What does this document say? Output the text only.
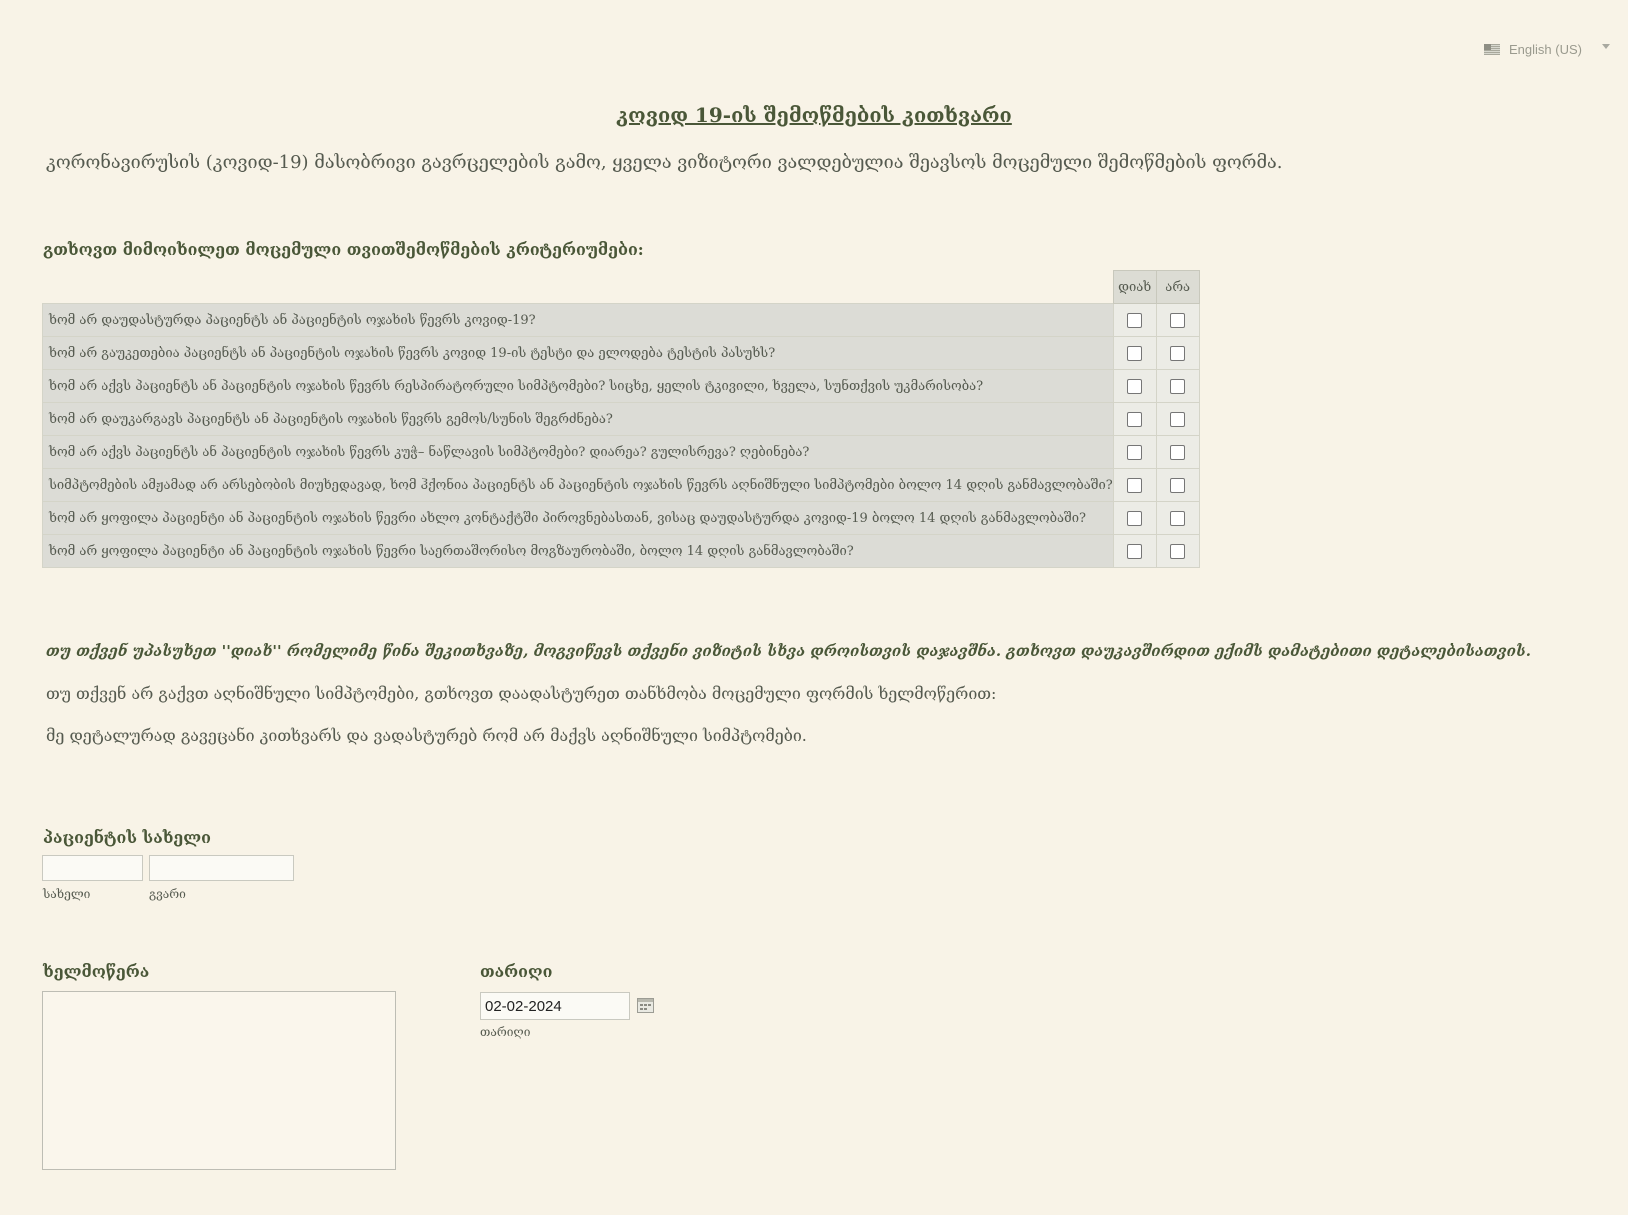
English (US)
კოვიდ 19-ის შემოწმების კითხვარი

კორონავირუსის (კოვიდ-19) მასობრივი გავრცელების გამო, ყველა ვიზიტორი ვალდებულია შეავსოს მოცემული შემოწმების ფორმა.

გთხოვთ მიმოიხილეთ მოცემული თვითშემოწმების კრიტერიუმები:

	დიახ	არა
ხომ არ დაუდასტურდა პაციენტს ან პაციენტის ოჯახის წევრს კოვიდ-19?		
ხომ არ გაუკეთებია პაციენტს ან პაციენტის ოჯახის წევრს კოვიდ 19-ის ტესტი და ელოდება ტესტის პასუხს?		
ხომ არ აქვს პაციენტს ან პაციენტის ოჯახის წევრს რესპირატორული სიმპტომები? სიცხე, ყელის ტკივილი, ხველა, სუნთქვის უკმარისობა?		
ხომ არ დაუკარგავს პაციენტს ან პაციენტის ოჯახის წევრს გემოს/სუნის შეგრძნება?		
ხომ არ აქვს პაციენტს ან პაციენტის ოჯახის წევრს კუჭ– ნაწლავის სიმპტომები? დიარეა? გულისრევა? ღებინება?		
სიმპტომების ამჟამად არ არსებობის მიუხედავად, ხომ ჰქონია პაციენტს ან პაციენტის ოჯახის წევრს აღნიშნული სიმპტომები ბოლო 14 დღის განმავლობაში?		
ხომ არ ყოფილა პაციენტი ან პაციენტის ოჯახის წევრი ახლო კონტაქტში პიროვნებასთან, ვისაც დაუდასტურდა კოვიდ-19 ბოლო 14 დღის განმავლობაში?		
ხომ არ ყოფილა პაციენტი ან პაციენტის ოჯახის წევრი საერთაშორისო მოგზაურობაში, ბოლო 14 დღის განმავლობაში?		

თუ თქვენ უპასუხეთ ''დიახ'' რომელიმე წინა შეკითხვაზე, მოგვიწევს თქვენი ვიზიტის სხვა დროისთვის დაჯავშნა. გთხოვთ დაუკავშირდით ექიმს დამატებითი დეტალებისათვის.

თუ თქვენ არ გაქვთ აღნიშნული სიმპტომები, გთხოვთ დაადასტურეთ თანხმობა მოცემული ფორმის ხელმოწერით:

მე დეტალურად გავეცანი კითხვარს და ვადასტურებ რომ არ მაქვს აღნიშნული სიმპტომები.

პაციენტის სახელი

სახელი	გვარი

ხელმოწერა	თარიღი

02-02-2024

თარიღი
